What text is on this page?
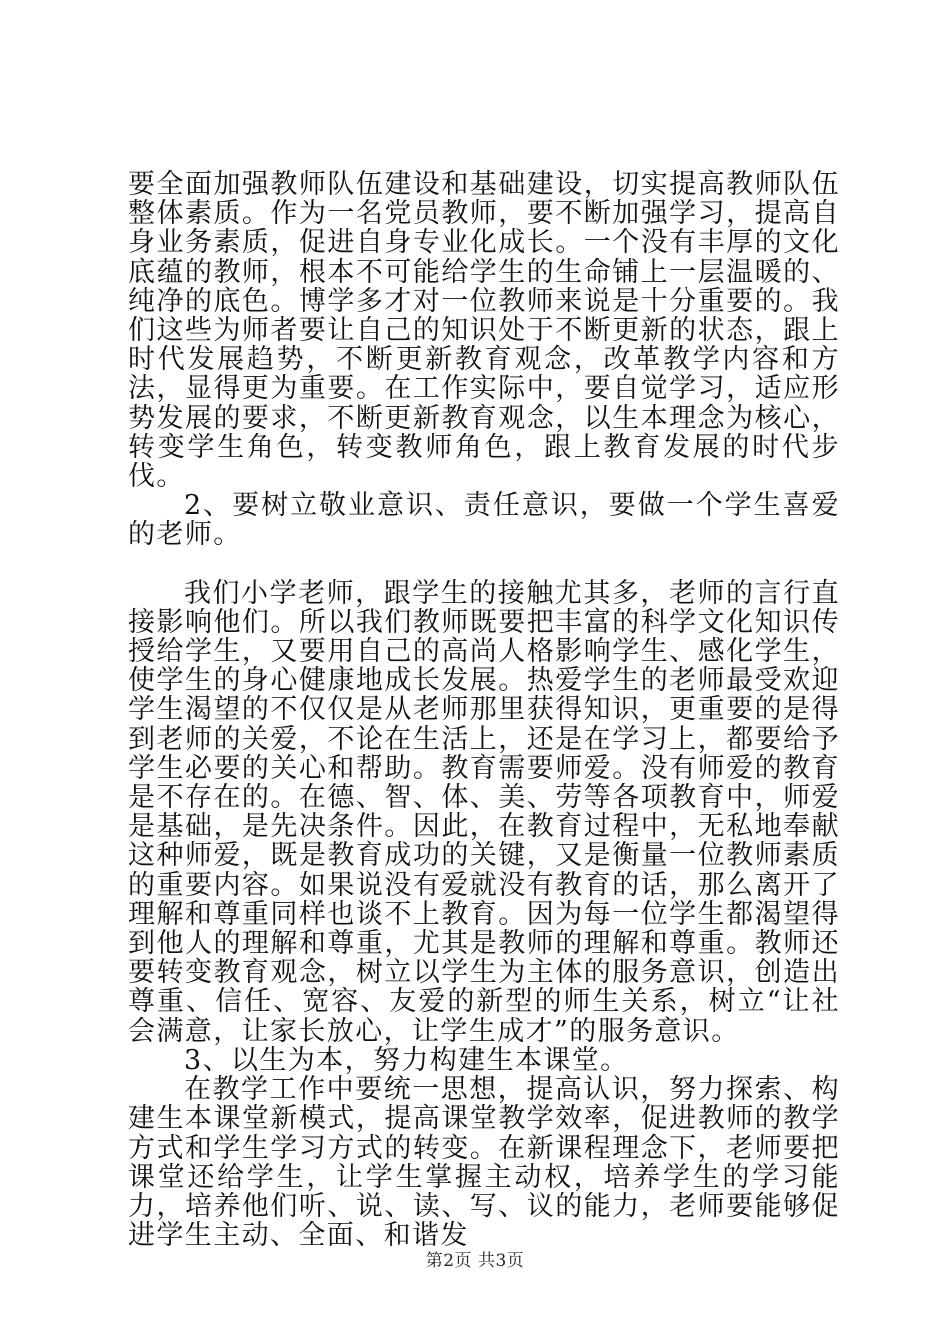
要全面加强教师队伍建设和基础建设，切实提高教师队伍整体素质。作为一名党员教师，要不断加强学习，提高自身业务素质，促进自身专业化成长。一个没有丰厚的文化底蕴的教师，根本不可能给学生的生命铺上一层温暖的、纯净的底色。博学多才对一位教师来说是十分重要的。我们这些为师者要让自己的知识处于不断更新的状态，跟上时代发展趋势，不断更新教育观念，改革教学内容和方法，显得更为重要。在工作实际中，要自觉学习，适应形势发展的要求，不断更新教育观念，以生本理念为核心，转变学生角色，转变教师角色，跟上教育发展的时代步伐。

2、要树立敬业意识、责任意识，要做一个学生喜爱的老师。

我们小学老师，跟学生的接触尤其多，老师的言行直接影响他们。所以我们教师既要把丰富的科学文化知识传授给学生，又要用自己的高尚人格影响学生、感化学生，使学生的身心健康地成长发展。热爱学生的老师最受欢迎学生渴望的不仅仅是从老师那里获得知识，更重要的是得到老师的关爱，不论在生活上，还是在学习上，都要给予学生必要的关心和帮助。教育需要师爱。没有师爱的教育是不存在的。在德、智、体、美、劳等各项教育中，师爱是基础，是先决条件。因此，在教育过程中，无私地奉献这种师爱，既是教育成功的关键，又是衡量一位教师素质的重要内容。如果说没有爱就没有教育的话，那么离开了理解和尊重同样也谈不上教育。因为每一位学生都渴望得到他人的理解和尊重，尤其是教师的理解和尊重。教师还要转变教育观念，树立以学生为主体的服务意识，创造出尊重、信任、宽容、友爱的新型的师生关系，树立“让社会满意，让家长放心，让学生成才”的服务意识。

3、以生为本，努力构建生本课堂。

在教学工作中要统一思想，提高认识，努力探索、构建生本课堂新模式，提高课堂教学效率，促进教师的教学方式和学生学习方式的转变。在新课程理念下，老师要把课堂还给学生，让学生掌握主动权，培养学生的学习能力，培养他们听、说、读、写、议的能力，老师要能够促进学生主动、全面、和谐发

第2页 共3页
